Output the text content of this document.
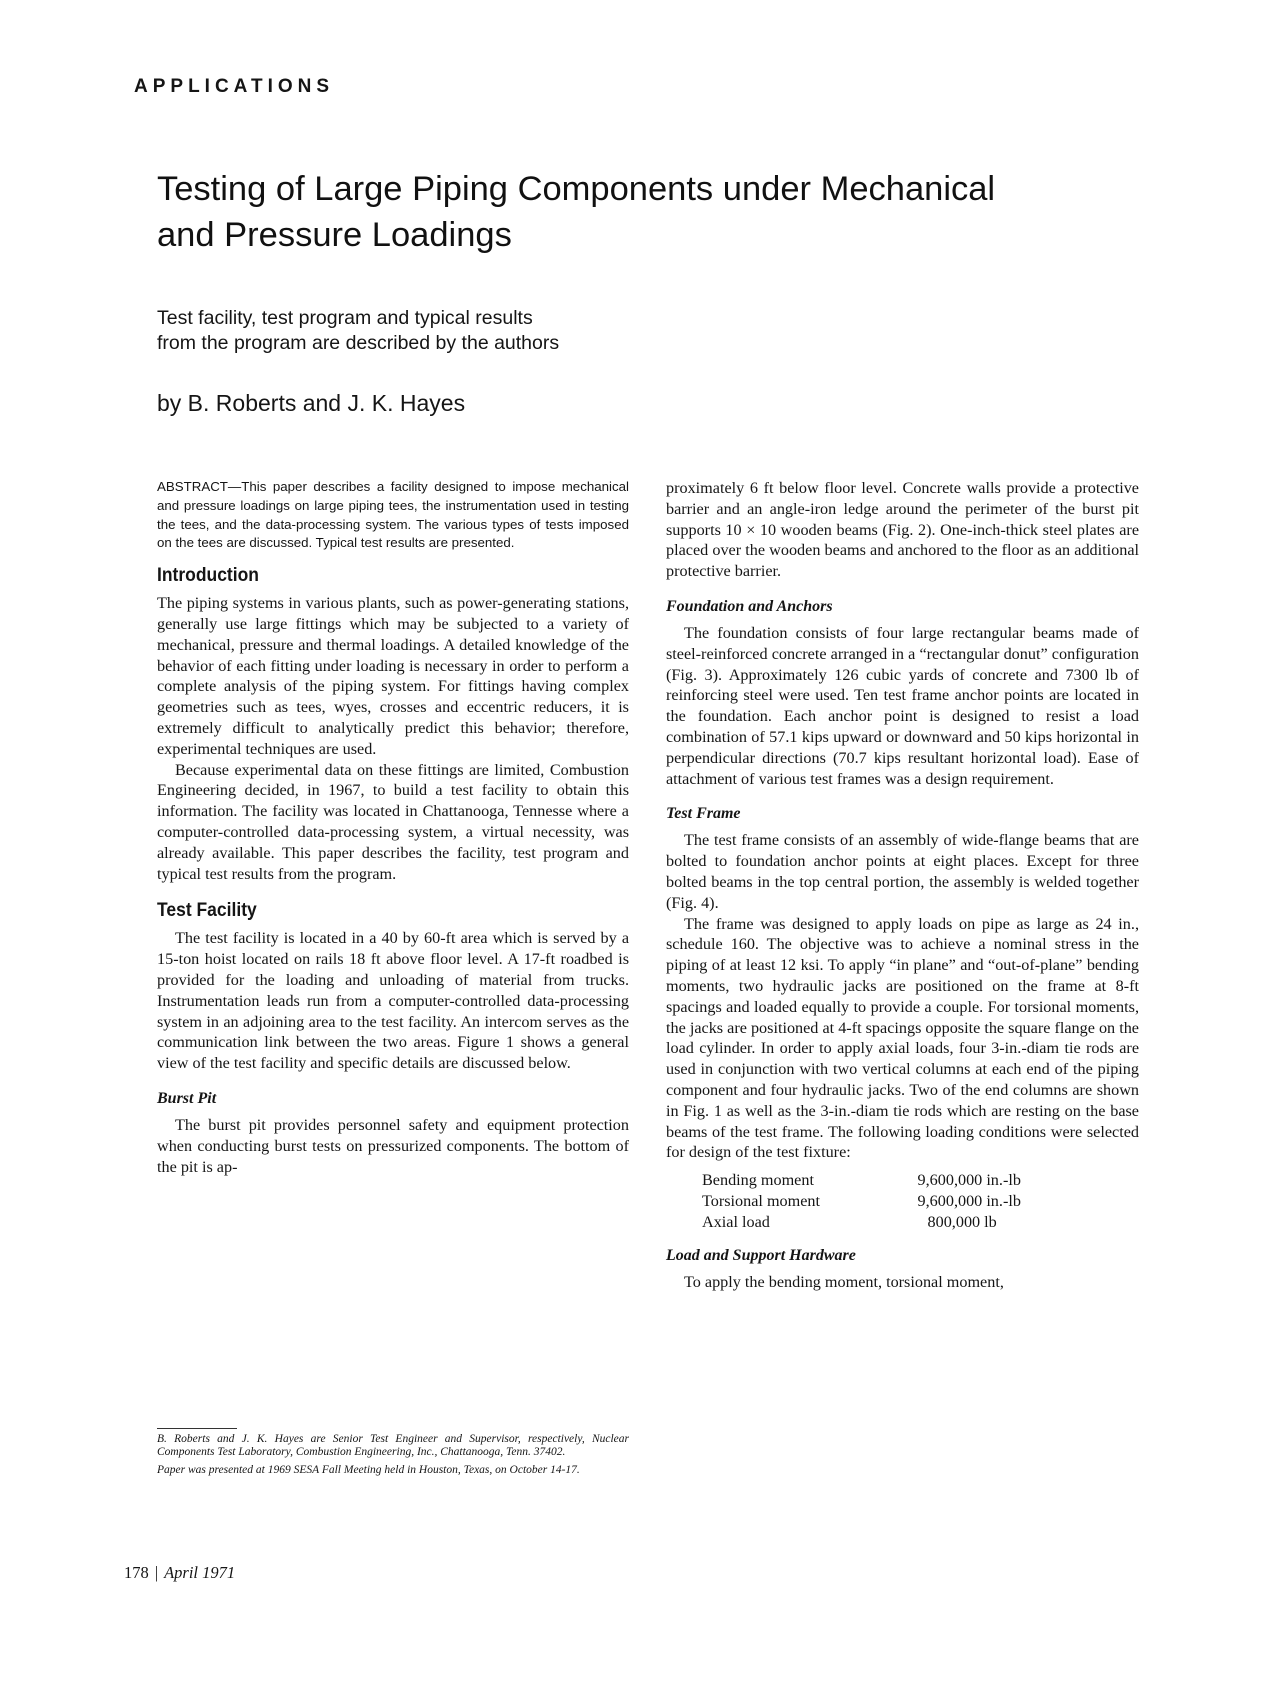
APPLICATIONS

Testing of Large Piping Components under Mechanical
and Pressure Loadings

Test facility, test program and typical results
from the program are described by the authors

by B. Roberts and J. K. Hayes

ABSTRACT—This paper describes a facility designed to impose mechanical and pressure loadings on large piping tees, the instrumentation used in testing the tees, and the data-processing system. The various types of tests imposed on the tees are discussed. Typical test results are presented.

Introduction

The piping systems in various plants, such as power-generating stations, generally use large fittings which may be subjected to a variety of mechanical, pressure and thermal loadings. A detailed knowledge of the behavior of each fitting under loading is necessary in order to perform a complete analysis of the piping system. For fittings having complex geometries such as tees, wyes, crosses and eccentric reducers, it is extremely difficult to analytically predict this behavior; therefore, experimental techniques are used.

Because experimental data on these fittings are limited, Combustion Engineering decided, in 1967, to build a test facility to obtain this information. The facility was located in Chattanooga, Tennesse where a computer-controlled data-processing system, a virtual necessity, was already available. This paper describes the facility, test program and typical test results from the program.

Test Facility

The test facility is located in a 40 by 60-ft area which is served by a 15-ton hoist located on rails 18 ft above floor level. A 17-ft roadbed is provided for the loading and unloading of material from trucks. Instrumentation leads run from a computer-controlled data-processing system in an adjoining area to the test facility. An intercom serves as the communication link between the two areas. Figure 1 shows a general view of the test facility and specific details are discussed below.

Burst Pit

The burst pit provides personnel safety and equipment protection when conducting burst tests on pressurized components. The bottom of the pit is ap-

proximately 6 ft below floor level. Concrete walls provide a protective barrier and an angle-iron ledge around the perimeter of the burst pit supports 10 × 10 wooden beams (Fig. 2). One-inch-thick steel plates are placed over the wooden beams and anchored to the floor as an additional protective barrier.

Foundation and Anchors

The foundation consists of four large rectangular beams made of steel-reinforced concrete arranged in a “rectangular donut” configuration (Fig. 3). Approximately 126 cubic yards of concrete and 7300 lb of reinforcing steel were used. Ten test frame anchor points are located in the foundation. Each anchor point is designed to resist a load combination of 57.1 kips upward or downward and 50 kips horizontal in perpendicular directions (70.7 kips resultant horizontal load). Ease of attachment of various test frames was a design requirement.

Test Frame

The test frame consists of an assembly of wide-flange beams that are bolted to foundation anchor points at eight places. Except for three bolted beams in the top central portion, the assembly is welded together (Fig. 4).

The frame was designed to apply loads on pipe as large as 24 in., schedule 160. The objective was to achieve a nominal stress in the piping of at least 12 ksi. To apply “in plane” and “out-of-plane” bending moments, two hydraulic jacks are positioned on the frame at 8-ft spacings and loaded equally to provide a couple. For torsional moments, the jacks are positioned at 4-ft spacings opposite the square flange on the load cylinder. In order to apply axial loads, four 3-in.-diam tie rods are used in conjunction with two vertical columns at each end of the piping component and four hydraulic jacks. Two of the end columns are shown in Fig. 1 as well as the 3-in.-diam tie rods which are resting on the base beams of the test frame. The following loading conditions were selected for design of the test fixture:

Bending moment	9,600,000 in.-lb
Torsional moment	9,600,000 in.-lb
Axial load	800,000 lb
Load and Support Hardware

To apply the bending moment, torsional moment,

B. Roberts and J. K. Hayes are Senior Test Engineer and Supervisor, respectively, Nuclear Components Test Laboratory, Combustion Engineering, Inc., Chattanooga, Tenn. 37402.

Paper was presented at 1969 SESA Fall Meeting held in Houston, Texas, on October 14-17.

178 | April 1971
